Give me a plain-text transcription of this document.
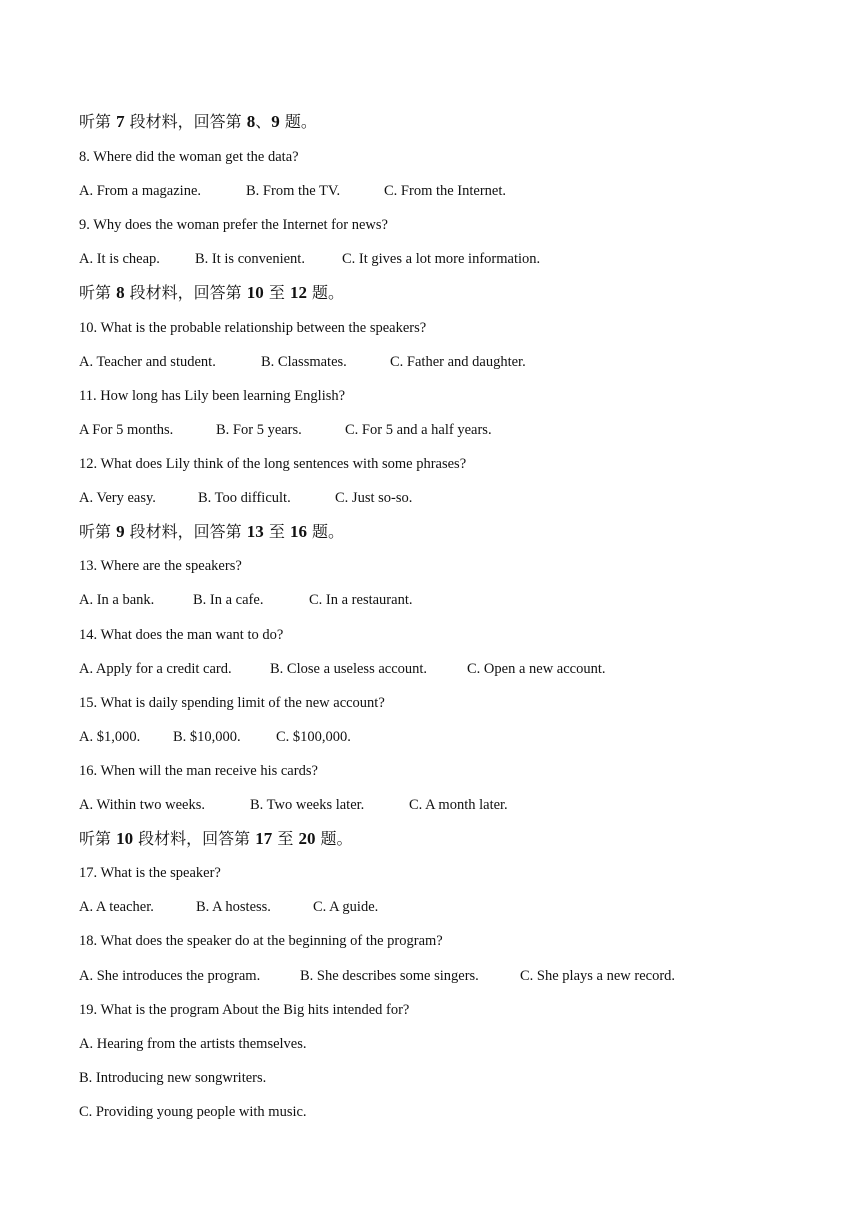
听第 7 段材料，回答第 8、9 题。
8. Where did the woman get the data?
A. From a magazine.	B. From the TV.	C. From the Internet.
9. Why does the woman prefer the Internet for news?
A. It is cheap. B. It is convenient.	C. It gives a lot more information.
听第 8 段材料，回答第 10 至 12 题。
10. What is the probable relationship between the speakers?
A. Teacher and student.	B. Classmates.	C. Father and daughter.
11. How long has Lily been learning English?
A For 5 months.	B. For 5 years.	C. For 5 and a half years.
12. What does Lily think of the long sentences with some phrases?
A. Very easy.	B. Too difficult.	C. Just so-so.
听第 9 段材料，回答第 13 至 16 题。
13. Where are the speakers?
A. In a bank.	B. In a cafe.	C. In a restaurant.
14. What does the man want to do?
A. Apply for a credit card.	B. Close a useless account.	C. Open a new account.
15. What is daily spending limit of the new account?
A. $1,000. B. $10,000. C. $100,000.
16. When will the man receive his cards?
A. Within two weeks.	B. Two weeks later.	C. A month later.
听第 10 段材料，回答第 17 至 20 题。
17. What is the speaker?
A. A teacher.	B. A hostess.	C. A guide.
18. What does the speaker do at the beginning of the program?
A. She introduces the program.	B. She describes some singers.	C. She plays a new record.
19. What is the program About the Big hits intended for?
A. Hearing from the artists themselves.
B. Introducing new songwriters.
C. Providing young people with music.
